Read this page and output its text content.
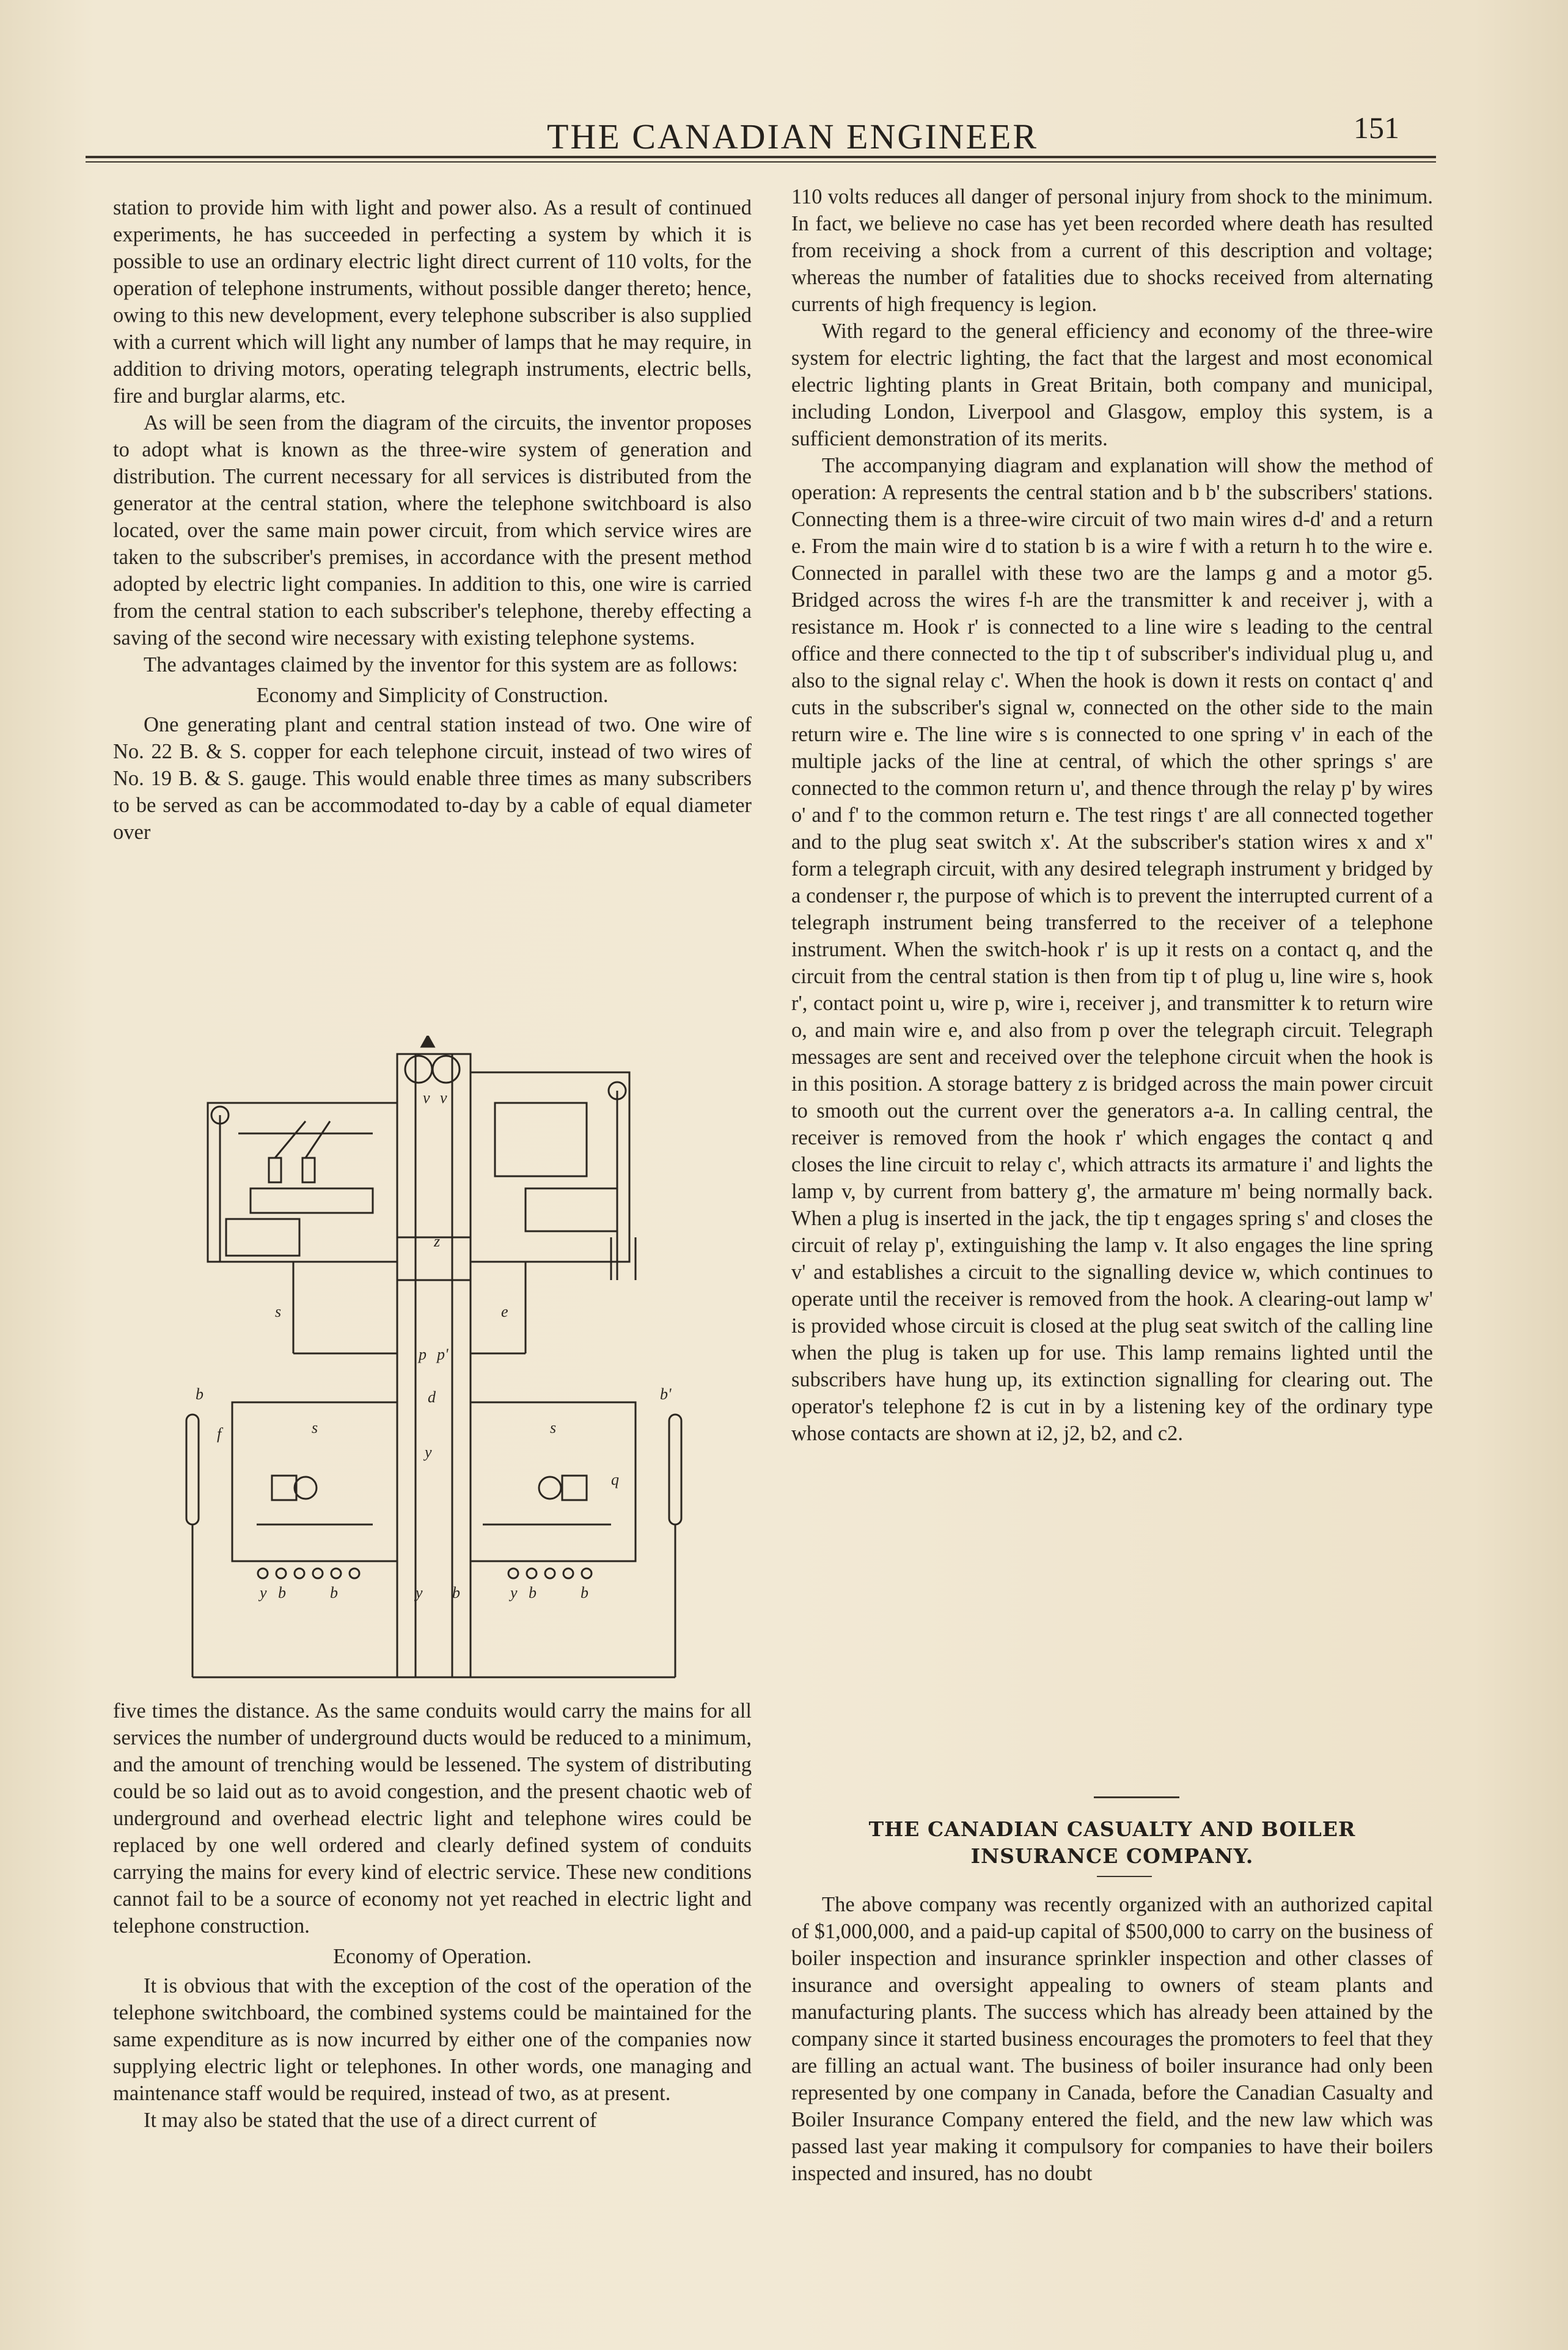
THE CANADIAN ENGINEER	151

station to provide him with light and power also. As a result of continued experiments, he has succeeded in perfecting a system by which it is possible to use an ordinary electric light direct current of 110 volts, for the operation of telephone instruments, without possible danger thereto; hence, owing to this new development, every telephone subscriber is also supplied with a current which will light any number of lamps that he may require, in addition to driving motors, operating telegraph instruments, electric bells, fire and burglar alarms, etc.

As will be seen from the diagram of the circuits, the inventor proposes to adopt what is known as the three-wire system of generation and distribution. The current necessary for all services is distributed from the generator at the central station, where the telephone switchboard is also located, over the same main power circuit, from which service wires are taken to the subscriber's premises, in accordance with the present method adopted by electric light companies. In addition to this, one wire is carried from the central station to each subscriber's telephone, thereby effecting a saving of the second wire necessary with existing telephone systems.

The advantages claimed by the inventor for this system are as follows:

Economy and Simplicity of Construction.

One generating plant and central station instead of two. One wire of No. 22 B. & S. copper for each telephone circuit, instead of two wires of No. 19 B. & S. gauge. This would enable three times as many subscribers to be served as can be accommodated to-day by a cable of equal diameter over

v v
z
p p'
d
b	b'
f	s	s
y
q
y b	y b
b	b
y b
s	e

five times the distance. As the same conduits would carry the mains for all services the number of underground ducts would be reduced to a minimum, and the amount of trenching would be lessened. The system of distributing could be so laid out as to avoid congestion, and the present chaotic web of underground and overhead electric light and telephone wires could be replaced by one well ordered and clearly defined system of conduits carrying the mains for every kind of electric service. These new conditions cannot fail to be a source of economy not yet reached in electric light and telephone construction.

Economy of Operation.

It is obvious that with the exception of the cost of the operation of the telephone switchboard, the combined systems could be maintained for the same expenditure as is now incurred by either one of the companies now supplying electric light or telephones. In other words, one managing and maintenance staff would be required, instead of two, as at present.

It may also be stated that the use of a direct current of

110 volts reduces all danger of personal injury from shock to the minimum. In fact, we believe no case has yet been recorded where death has resulted from receiving a shock from a current of this description and voltage; whereas the number of fatalities due to shocks received from alternating currents of high frequency is legion.

With regard to the general efficiency and economy of the three-wire system for electric lighting, the fact that the largest and most economical electric lighting plants in Great Britain, both company and municipal, including London, Liverpool and Glasgow, employ this system, is a sufficient demonstration of its merits.

The accompanying diagram and explanation will show the method of operation: A represents the central station and b b' the subscribers' stations. Connecting them is a three-wire circuit of two main wires d-d' and a return e. From the main wire d to station b is a wire f with a return h to the wire e. Connected in parallel with these two are the lamps g and a motor g5. Bridged across the wires f-h are the transmitter k and receiver j, with a resistance m. Hook r' is connected to a line wire s leading to the central office and there connected to the tip t of subscriber's individual plug u, and also to the signal relay c'. When the hook is down it rests on contact q' and cuts in the subscriber's signal w, connected on the other side to the main return wire e. The line wire s is connected to one spring v' in each of the multiple jacks of the line at central, of which the other springs s' are connected to the common return u', and thence through the relay p' by wires o' and f' to the common return e. The test rings t' are all connected together and to the plug seat switch x'. At the subscriber's station wires x and x'' form a telegraph circuit, with any desired telegraph instrument y bridged by a condenser r, the purpose of which is to prevent the interrupted current of a telegraph instrument being transferred to the receiver of a telephone instrument. When the switch-hook r' is up it rests on a contact q, and the circuit from the central station is then from tip t of plug u, line wire s, hook r', contact point u, wire p, wire i, receiver j, and transmitter k to return wire o, and main wire e, and also from p over the telegraph circuit. Telegraph messages are sent and received over the telephone circuit when the hook is in this position. A storage battery z is bridged across the main power circuit to smooth out the current over the generators a-a. In calling central, the receiver is removed from the hook r' which engages the contact q and closes the line circuit to relay c', which attracts its armature i' and lights the lamp v, by current from battery g', the armature m' being normally back. When a plug is inserted in the jack, the tip t engages spring s' and closes the circuit of relay p', extinguishing the lamp v. It also engages the line spring v' and establishes a circuit to the signalling device w, which continues to operate until the receiver is removed from the hook. A clearing-out lamp w' is provided whose circuit is closed at the plug seat switch of the calling line when the plug is taken up for use. This lamp remains lighted until the subscribers have hung up, its extinction signalling for clearing out. The operator's telephone f2 is cut in by a listening key of the ordinary type whose contacts are shown at i2, j2, b2, and c2.

THE CANADIAN CASUALTY AND BOILER
INSURANCE COMPANY.

The above company was recently organized with an authorized capital of $1,000,000, and a paid-up capital of $500,000 to carry on the business of boiler inspection and insurance sprinkler inspection and other classes of insurance and oversight appealing to owners of steam plants and manufacturing plants. The success which has already been attained by the company since it started business encourages the promoters to feel that they are filling an actual want. The business of boiler insurance had only been represented by one company in Canada, before the Canadian Casualty and Boiler Insurance Company entered the field, and the new law which was passed last year making it compulsory for companies to have their boilers inspected and insured, has no doubt
